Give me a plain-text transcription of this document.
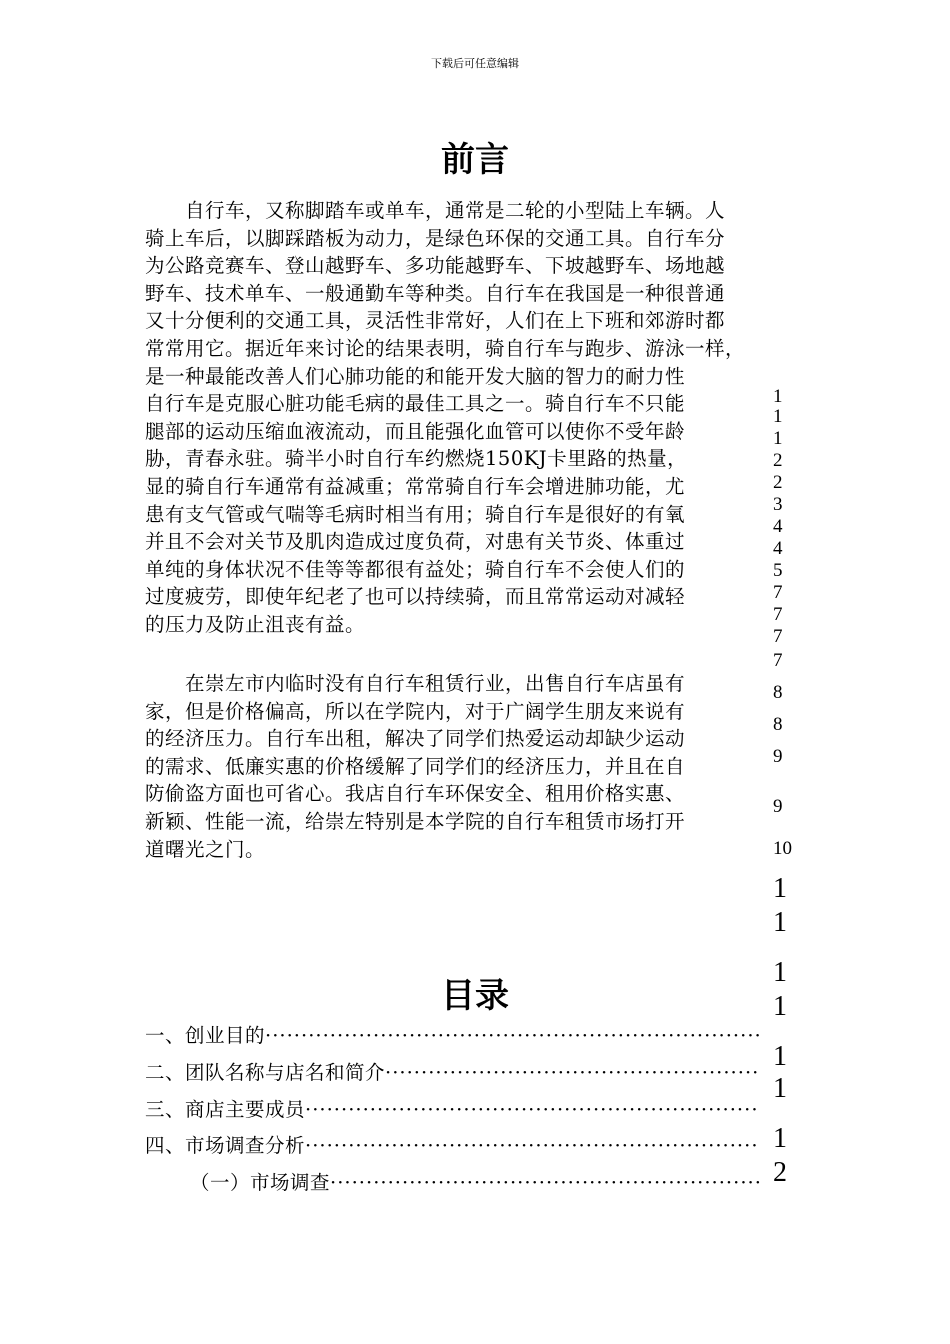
下载后可任意编辑
前言
　　自行车，又称脚踏车或单车，通常是二轮的小型陆上车辆。人
骑上车后，以脚踩踏板为动力，是绿色环保的交通工具。自行车分
为公路竞赛车、登山越野车、多功能越野车、下坡越野车、场地越
野车、技术单车、一般通勤车等种类。自行车在我国是一种很普通
又十分便利的交通工具，灵活性非常好，人们在上下班和郊游时都
常常用它。据近年来讨论的结果表明，骑自行车与跑步、游泳一样，
是一种最能改善人们心肺功能的和能开发大脑的智力的耐力性
自行车是克服心脏功能毛病的最佳工具之一。骑自行车不只能
腿部的运动压缩血液流动，而且能强化血管可以使你不受年龄
胁，青春永驻。骑半小时自行车约燃烧150KJ卡里路的热量，
显的骑自行车通常有益减重；常常骑自行车会增进肺功能，尤
患有支气管或气喘等毛病时相当有用；骑自行车是很好的有氧
并且不会对关节及肌肉造成过度负荷，对患有关节炎、体重过
单纯的身体状况不佳等等都很有益处；骑自行车不会使人们的
过度疲劳，即使年纪老了也可以持续骑，而且常常运动对减轻
的压力及防止沮丧有益。
　　在崇左市内临时没有自行车租赁行业，出售自行车店虽有
家，但是价格偏高，所以在学院内，对于广阔学生朋友来说有
的经济压力。自行车出租，解决了同学们热爱运动却缺少运动
的需求、低廉实惠的价格缓解了同学们的经济压力，并且在自
防偷盗方面也可省心。我店自行车环保安全、租用价格实惠、
新颖、性能一流，给崇左特别是本学院的自行车租赁市场打开
道曙光之门。
1
1
1
2
2
3
4
4
5
7
7
7
7
8
8
9
9
10
1
1
1
1
1
1
1
2
目录
一、创业目的
·····
二、团队名称与店名和简介
·····
三、商店主要成员
·····
四、市场调查分析
·····
（一）市场调查
·····
